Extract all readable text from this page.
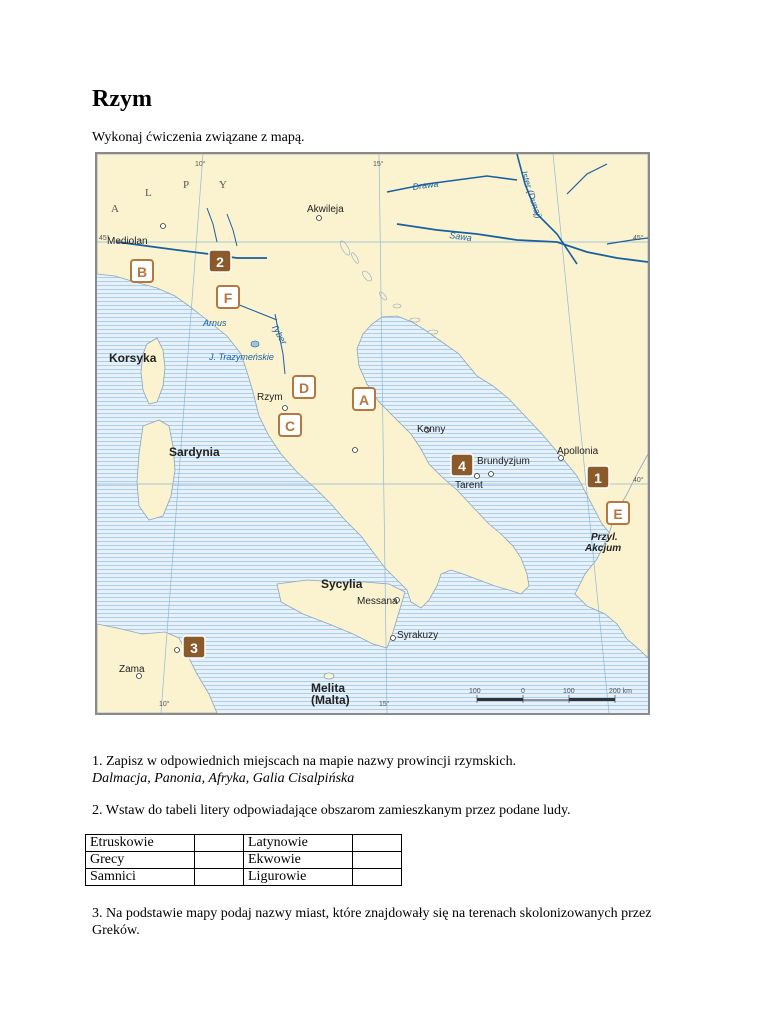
Rzym

Wykonaj ćwiczenia związane z mapą.

10°	15°
45°	45°
40°
10°	15°
A
L
P	Y	Drawa
Sawa
Ister (Dunaj)
Arnus	Tyber
J. Trazymeńskie
Mediolan
Akwileja
Rzym
Kanny
Brundyzjum
Tarent
Apollonia
Messana
Syrakuzy
Zama
Korsyka
Sardynia
Sycylia
Melita
(Malta)
Przyl.
Akcjum
B
F
D
A
C
E
2
4
1
3
100	0	100	200 km

1. Zapisz w odpowiednich miejscach na mapie nazwy prowincji rzymskich.
Dalmacja, Panonia, Afryka, Galia Cisalpińska

2. Wstaw do tabeli litery odpowiadające obszarom zamieszkanym przez podane ludy.

Etruskowie		Latynowie	
Grecy		Ekwowie	
Samnici		Ligurowie	

3. Na podstawie mapy podaj nazwy miast, które znajdowały się na terenach skolonizowanych przez Greków.
